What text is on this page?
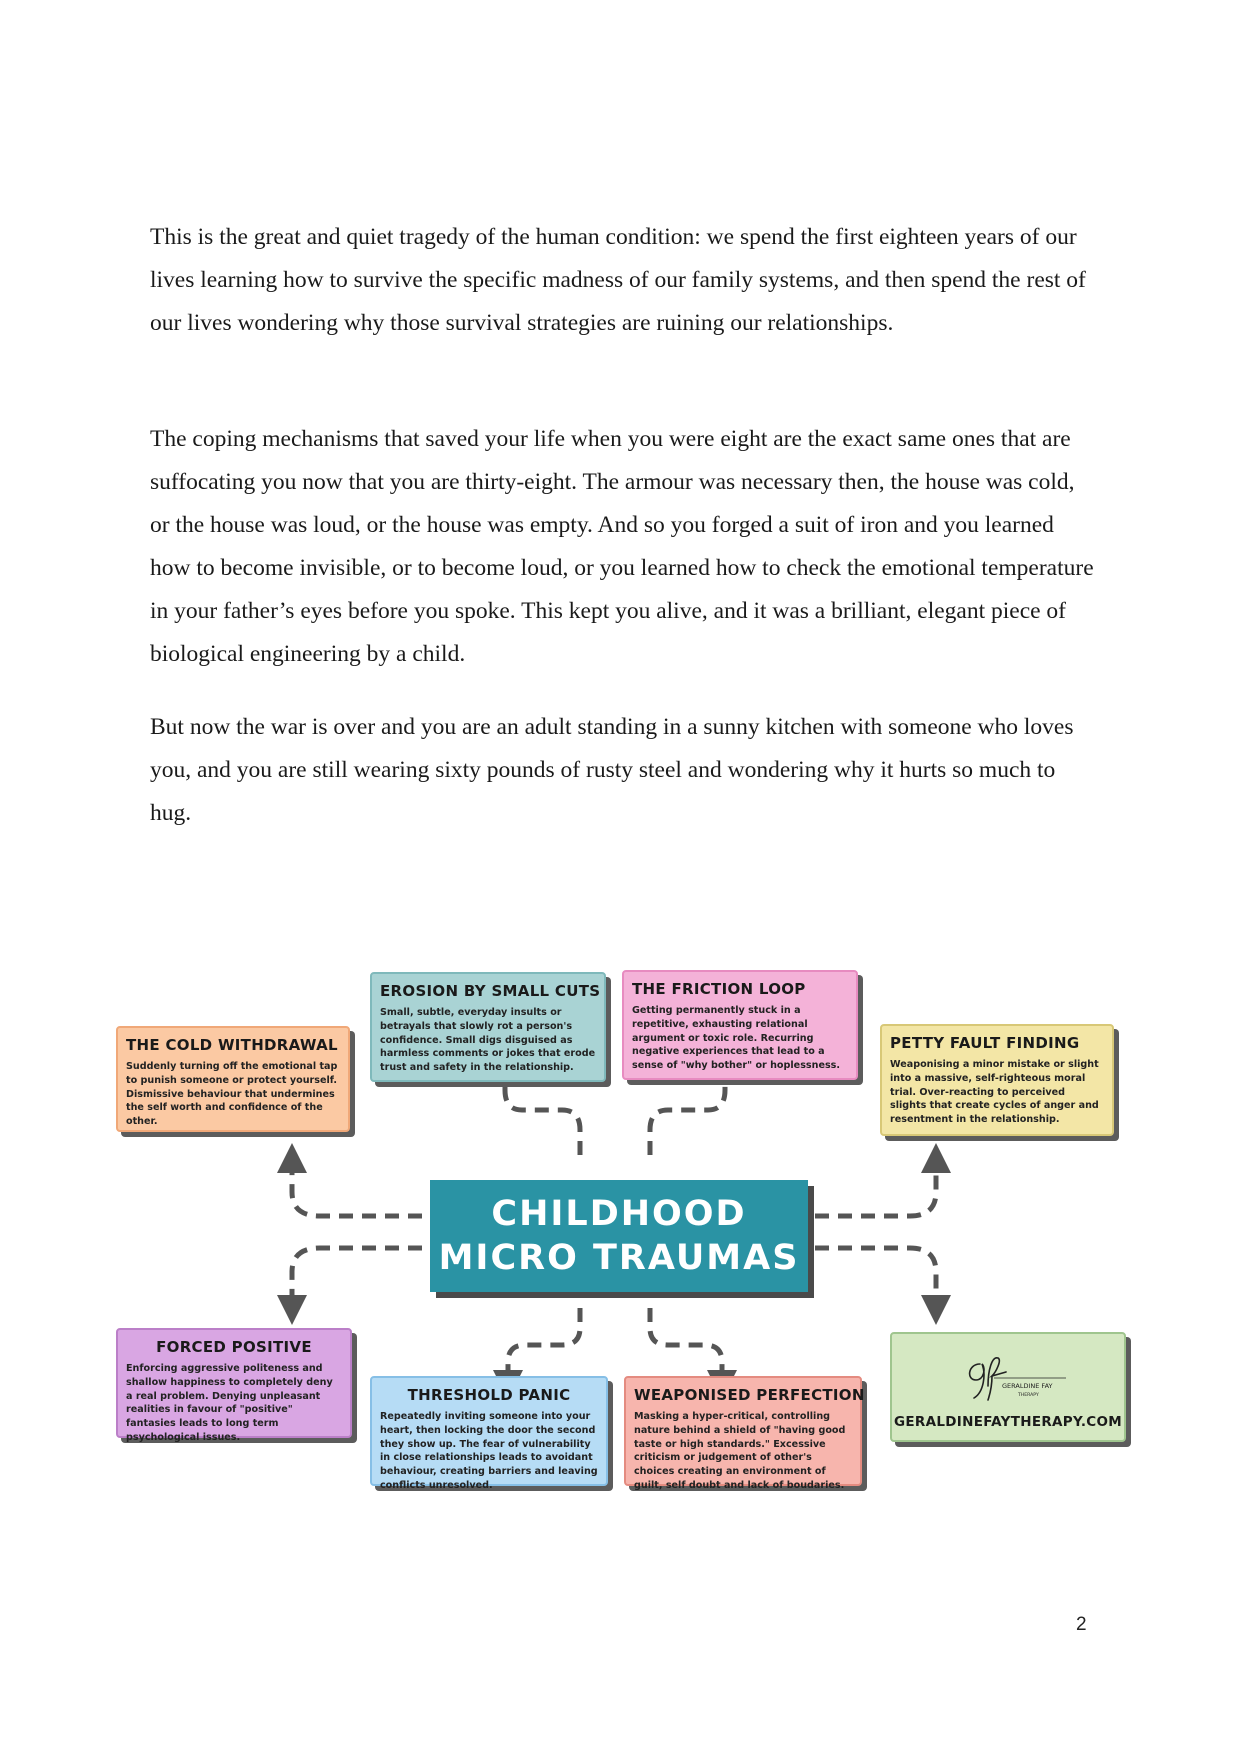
This is the great and quiet tragedy of the human condition: we spend the first eighteen years of our lives learning how to survive the specific madness of our family systems, and then spend the rest of our lives wondering why those survival strategies are ruining our relationships.

The coping mechanisms that saved your life when you were eight are the exact same ones that are suffocating you now that you are thirty-eight. The armour was necessary then, the house was cold, or the house was loud, or the house was empty. And so you forged a suit of iron and you learned how to become invisible, or to become loud, or you learned how to check the emotional temperature in your father’s eyes before you spoke. This kept you alive, and it was a brilliant, elegant piece of biological engineering by a child.

But now the war is over and you are an adult standing in a sunny kitchen with someone who loves you, and you are still wearing sixty pounds of rusty steel and wondering why it hurts so much to hug.

CHILDHOOD
MICRO TRAUMAS
THE COLD WITHDRAWAL

Suddenly turning off the emotional tap to punish someone or protect yourself. Dismissive behaviour that undermines the self worth and confidence of the other.

EROSION BY SMALL CUTS

Small, subtle, everyday insults or betrayals that slowly rot a person's confidence. Small digs disguised as harmless comments or jokes that erode trust and safety in the relationship.

THE FRICTION LOOP

Getting permanently stuck in a repetitive, exhausting relational argument or toxic role. Recurring negative experiences that lead to a sense of "why bother" or hoplessness.

PETTY FAULT FINDING

Weaponising a minor mistake or slight into a massive, self-righteous moral trial. Over-reacting to perceived slights that create cycles of anger and resentment in the relationship.

FORCED POSITIVE

Enforcing aggressive politeness and shallow happiness to completely deny a real problem. Denying unpleasant realities in favour of "positive" fantasies leads to long term psychological issues.

THRESHOLD PANIC

Repeatedly inviting someone into your heart, then locking the door the second they show up. The fear of vulnerability in close relationships leads to avoidant behaviour, creating barriers and leaving conflicts unresolved.

WEAPONISED PERFECTION

Masking a hyper-critical, controlling nature behind a shield of "having good taste or high standards." Excessive criticism or judgement of other's choices creating an environment of guilt, self doubt and lack of boudaries.

GERALDINE FAY
THERAPY
GERALDINEFAYTHERAPY.COM
2
